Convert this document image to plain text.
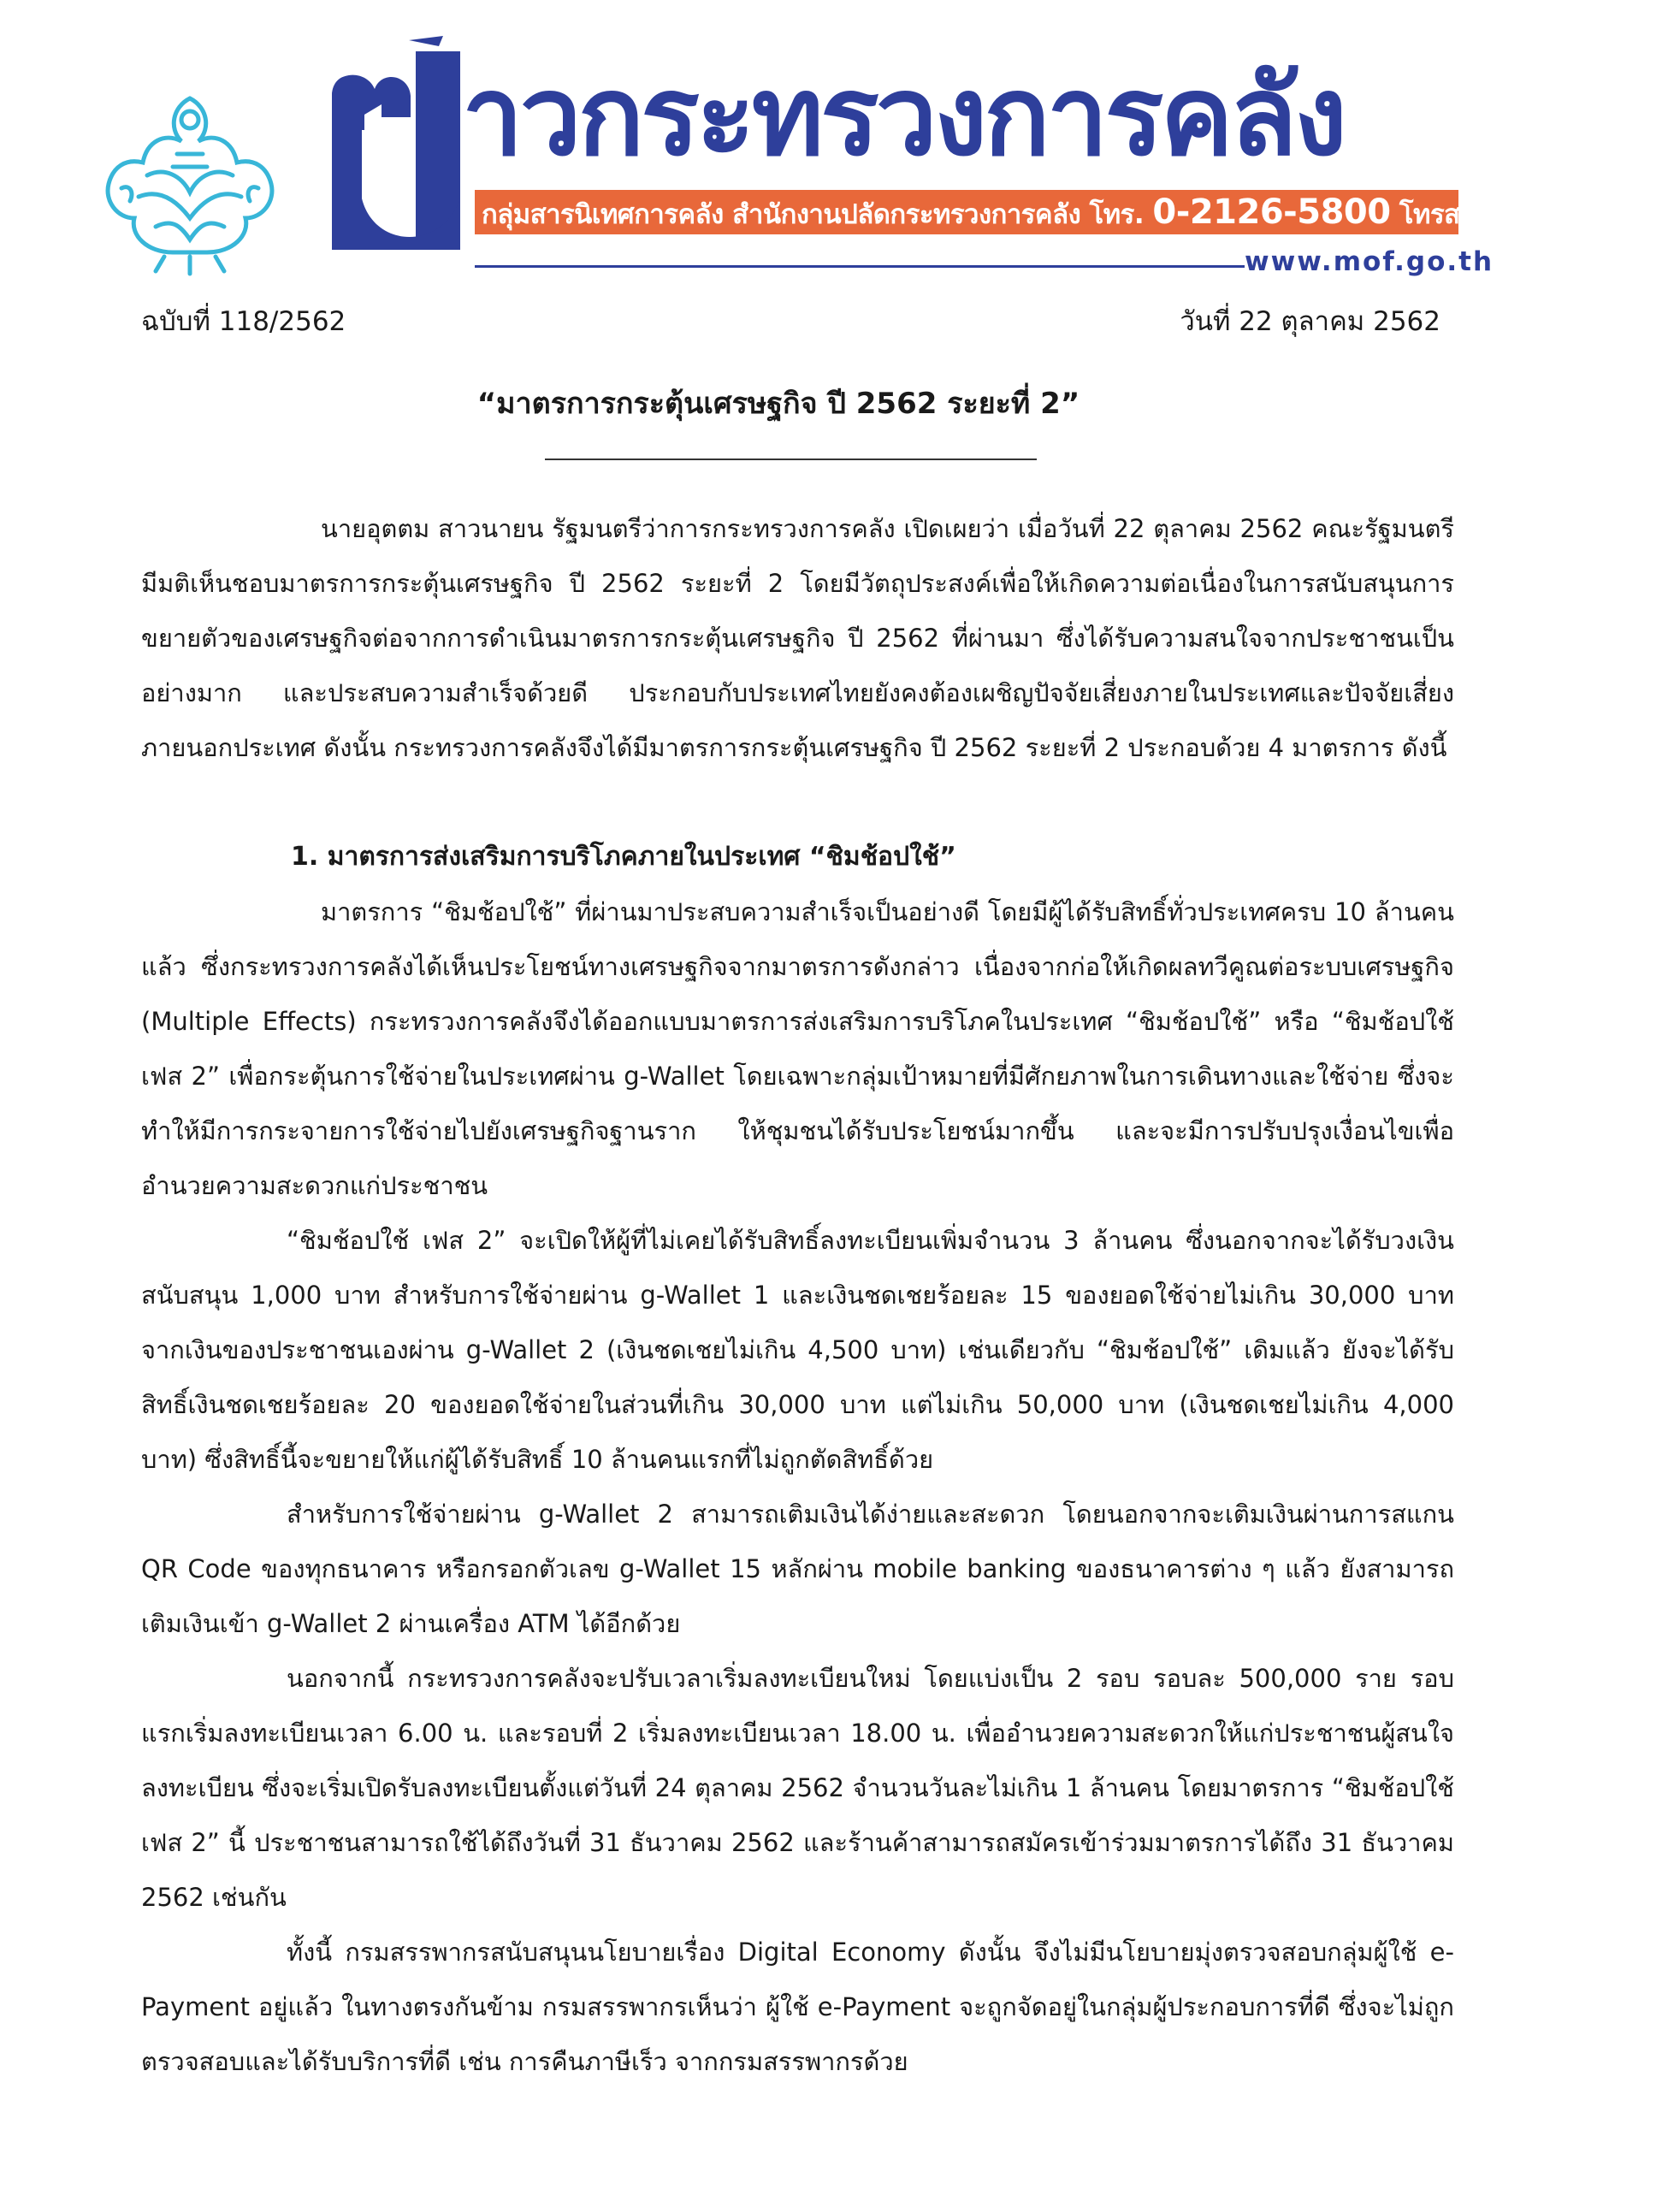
าวกระทรวงการคลัง
กลุ่มสารนิเทศการคลัง สำนักงานปลัดกระทรวงการคลัง โทร. 0-2126-5800 โทรสาร 0-2273-9763
www.mof.go.th
ฉบับที่ 118/2562	วันที่ 22 ตุลาคม 2562
“มาตรการกระตุ้นเศรษฐกิจ ปี 2562 ระยะที่ 2”

นายอุตตม สาวนายน รัฐมนตรีว่าการกระทรวงการคลัง เปิดเผยว่า เมื่อวันที่ 22 ตุลาคม 2562 คณะรัฐมนตรีมีมติเห็นชอบมาตรการกระตุ้นเศรษฐกิจ ปี 2562 ระยะที่ 2 โดยมีวัตถุประสงค์เพื่อให้เกิดความต่อเนื่องในการสนับสนุนการขยายตัวของเศรษฐกิจต่อจากการดำเนินมาตรการกระตุ้นเศรษฐกิจ ปี 2562 ที่ผ่านมา ซึ่งได้รับความสนใจจากประชาชนเป็นอย่างมาก และประสบความสำเร็จด้วยดี ประกอบกับประเทศไทยยังคงต้องเผชิญปัจจัยเสี่ยงภายในประเทศและปัจจัยเสี่ยงภายนอกประเทศ ดังนั้น กระทรวงการคลังจึงได้มีมาตรการกระตุ้นเศรษฐกิจ ปี 2562 ระยะที่ 2 ประกอบด้วย 4 มาตรการ ดังนี้

1. มาตรการส่งเสริมการบริโภคภายในประเทศ “ชิมช้อปใช้”

มาตรการ “ชิมช้อปใช้” ที่ผ่านมาประสบความสำเร็จเป็นอย่างดี โดยมีผู้ได้รับสิทธิ์ทั่วประเทศครบ 10 ล้านคนแล้ว ซึ่งกระทรวงการคลังได้เห็นประโยชน์ทางเศรษฐกิจจากมาตรการดังกล่าว เนื่องจากก่อให้เกิดผลทวีคูณต่อระบบเศรษฐกิจ (Multiple Effects) กระทรวงการคลังจึงได้ออกแบบมาตรการส่งเสริมการบริโภคในประเทศ “ชิมช้อปใช้” หรือ “ชิมช้อปใช้ เฟส 2” เพื่อกระตุ้นการใช้จ่ายในประเทศผ่าน g-Wallet โดยเฉพาะกลุ่มเป้าหมายที่มีศักยภาพในการเดินทางและใช้จ่าย ซึ่งจะทำให้มีการกระจายการใช้จ่ายไปยังเศรษฐกิจฐานราก ให้ชุมชนได้รับประโยชน์มากขึ้น และจะมีการปรับปรุงเงื่อนไขเพื่ออำนวยความสะดวกแก่ประชาชน

“ชิมช้อปใช้ เฟส 2” จะเปิดให้ผู้ที่ไม่เคยได้รับสิทธิ์ลงทะเบียนเพิ่มจำนวน 3 ล้านคน ซึ่งนอกจากจะได้รับวงเงินสนับสนุน 1,000 บาท สำหรับการใช้จ่ายผ่าน g-Wallet 1 และเงินชดเชยร้อยละ 15 ของยอดใช้จ่ายไม่เกิน 30,000 บาท จากเงินของประชาชนเองผ่าน g-Wallet 2 (เงินชดเชยไม่เกิน 4,500 บาท) เช่นเดียวกับ “ชิมช้อปใช้” เดิมแล้ว ยังจะได้รับสิทธิ์เงินชดเชยร้อยละ 20 ของยอดใช้จ่ายในส่วนที่เกิน 30,000 บาท แต่ไม่เกิน 50,000 บาท (เงินชดเชยไม่เกิน 4,000 บาท) ซึ่งสิทธิ์นี้จะขยายให้แก่ผู้ได้รับสิทธิ์ 10 ล้านคนแรกที่ไม่ถูกตัดสิทธิ์ด้วย

สำหรับการใช้จ่ายผ่าน g-Wallet 2 สามารถเติมเงินได้ง่ายและสะดวก โดยนอกจากจะเติมเงินผ่านการสแกน QR Code ของทุกธนาคาร หรือกรอกตัวเลข g-Wallet 15 หลักผ่าน mobile banking ของธนาคารต่าง ๆ แล้ว ยังสามารถเติมเงินเข้า g-Wallet 2 ผ่านเครื่อง ATM ได้อีกด้วย

นอกจากนี้ กระทรวงการคลังจะปรับเวลาเริ่มลงทะเบียนใหม่ โดยแบ่งเป็น 2 รอบ รอบละ 500,000 ราย รอบแรกเริ่มลงทะเบียนเวลา 6.00 น. และรอบที่ 2 เริ่มลงทะเบียนเวลา 18.00 น. เพื่ออำนวยความสะดวกให้แก่ประชาชนผู้สนใจลงทะเบียน ซึ่งจะเริ่มเปิดรับลงทะเบียนตั้งแต่วันที่ 24 ตุลาคม 2562 จำนวนวันละไม่เกิน 1 ล้านคน โดยมาตรการ “ชิมช้อปใช้ เฟส 2” นี้ ประชาชนสามารถใช้ได้ถึงวันที่ 31 ธันวาคม 2562 และร้านค้าสามารถสมัครเข้าร่วมมาตรการได้ถึง 31 ธันวาคม 2562 เช่นกัน

ทั้งนี้ กรมสรรพากรสนับสนุนนโยบายเรื่อง Digital Economy ดังนั้น จึงไม่มีนโยบายมุ่งตรวจสอบกลุ่มผู้ใช้ e-Payment อยู่แล้ว ในทางตรงกันข้าม กรมสรรพากรเห็นว่า ผู้ใช้ e-Payment จะถูกจัดอยู่ในกลุ่มผู้ประกอบการที่ดี ซึ่งจะไม่ถูกตรวจสอบและได้รับบริการที่ดี เช่น การคืนภาษีเร็ว จากกรมสรรพากรด้วย
